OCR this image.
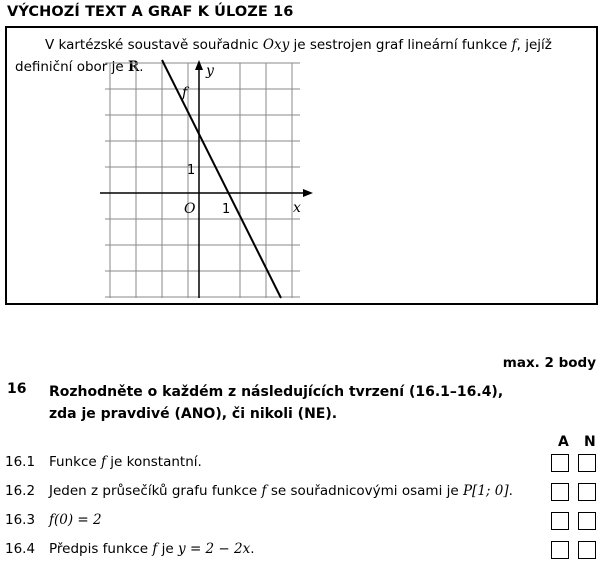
VÝCHOZÍ TEXT A GRAF K ÚLOZE 16
V kartézské soustavě souřadnic Oxy je sestrojen graf lineární funkce f, jejíž definiční obor je R.	y
x
f
O 1
1
max. 2 body
16 Rozhodněte o každém z následujících tvrzení (16.1–16.4), zda je pravdivé (ANO), či nikoli (NE).
A N
16.1 Funkce f je konstantní.
16.2 Jeden z průsečíků grafu funkce f se souřadnicovými osami je P[1; 0].
16.3 f(0) = 2
16.4 Předpis funkce f je y = 2 − 2x.
